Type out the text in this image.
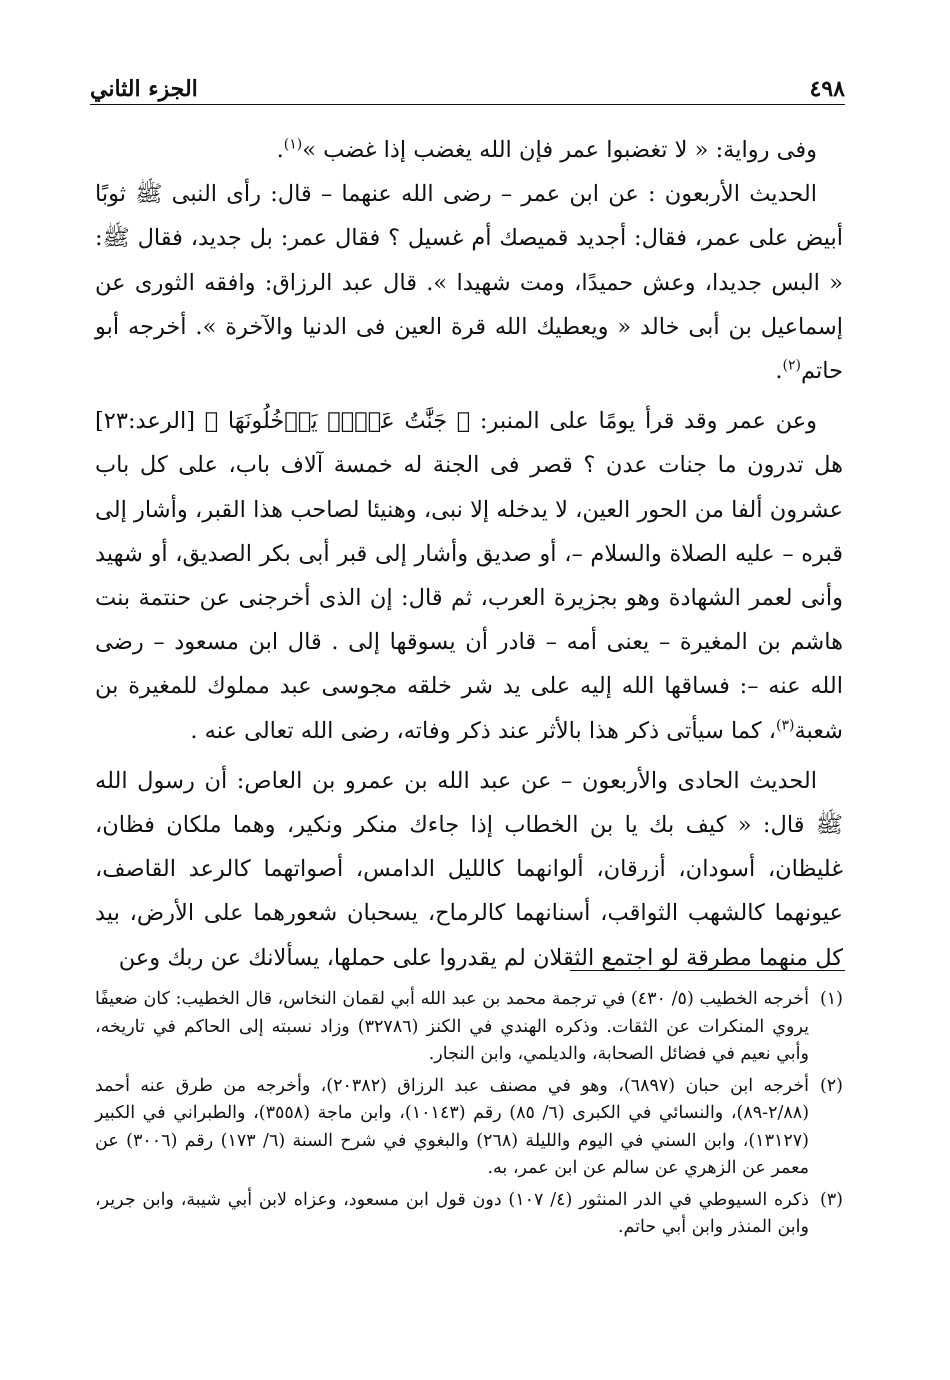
٤٩٨
الجزء الثاني

وفى رواية: « لا تغضبوا عمر فإن الله يغضب إذا غضب »$^{(١)}$.

الحديث الأربعون : عن ابن عمر – رضى الله عنهما – قال: رأى النبى ﷺ ثوبًا أبيض على عمر، فقال: أجديد قميصك أم غسيل ؟ فقال عمر: بل جديد، فقال ﷺ: « البس جديدا، وعش حميدًا، ومت شهيدا ». قال عبد الرزاق: وافقه الثورى عن إسماعيل بن أبى خالد « ويعطيك الله قرة العين فى الدنيا والآخرة ». أخرجه أبو حاتم$^{(٢)}$.

وعن عمر وقد قرأ يومًا على المنبر: ﴿ جَنَّٰتُ عَدۡنٖ يَدۡخُلُونَهَا ﴾ [الرعد:٢٣] هل تدرون ما جنات عدن ؟ قصر فى الجنة له خمسة آلاف باب، على كل باب عشرون ألفا من الحور العين، لا يدخله إلا نبى، وهنيئا لصاحب هذا القبر، وأشار إلى قبره – عليه الصلاة والسلام –، أو صديق وأشار إلى قبر أبى بكر الصديق، أو شهيد وأنى لعمر الشهادة وهو بجزيرة العرب، ثم قال: إن الذى أخرجنى عن حنتمة بنت هاشم بن المغيرة – يعنى أمه – قادر أن يسوقها إلى . قال ابن مسعود – رضى الله عنه –: فساقها الله إليه على يد شر خلقه مجوسى عبد مملوك للمغيرة بن شعبة$^{(٣)}$، كما سيأتى ذكر هذا بالأثر عند ذكر وفاته، رضى الله تعالى عنه .

الحديث الحادى والأربعون – عن عبد الله بن عمرو بن العاص: أن رسول الله ﷺ قال: « كيف بك يا بن الخطاب إذا جاءك منكر ونكير، وهما ملكان فظان، غليظان، أسودان، أزرقان، ألوانهما كالليل الدامس، أصواتهما كالرعد القاصف، عيونهما كالشهب الثواقب، أسنانهما كالرماح، يسحبان شعورهما على الأرض، بيد كل منهما مطرقة لو اجتمع الثقلان لم يقدروا على حملها، يسألانك عن ربك وعن

(١)
أخرجه الخطيب (٥/ ٤٣٠) في ترجمة محمد بن عبد الله أبي لقمان النخاس، قال الخطيب: كان ضعيفًا يروي المنكرات عن الثقات. وذكره الهندي في الكنز (٣٢٧٨٦) وزاد نسبته إلى الحاكم في تاريخه، وأبي نعيم في فضائل الصحابة، والديلمي، وابن النجار.
(٢)
أخرجه ابن حبان (٦٨٩٧)، وهو في مصنف عبد الرزاق (٢٠٣٨٢)، وأخرجه من طرق عنه أحمد (٢/٨٨-٨٩)، والنسائي في الكبرى (٦/ ٨٥) رقم (١٠١٤٣)، وابن ماجة (٣٥٥٨)، والطبراني في الكبير (١٣١٢٧)، وابن السني في اليوم والليلة (٢٦٨) والبغوي في شرح السنة (٦/ ١٧٣) رقم (٣٠٠٦) عن معمر عن الزهري عن سالم عن ابن عمر، به.
(٣)
ذكره السيوطي في الدر المنثور (٤/ ١٠٧) دون قول ابن مسعود، وعزاه لابن أبي شيبة، وابن جرير، وابن المنذر وابن أبي حاتم.
